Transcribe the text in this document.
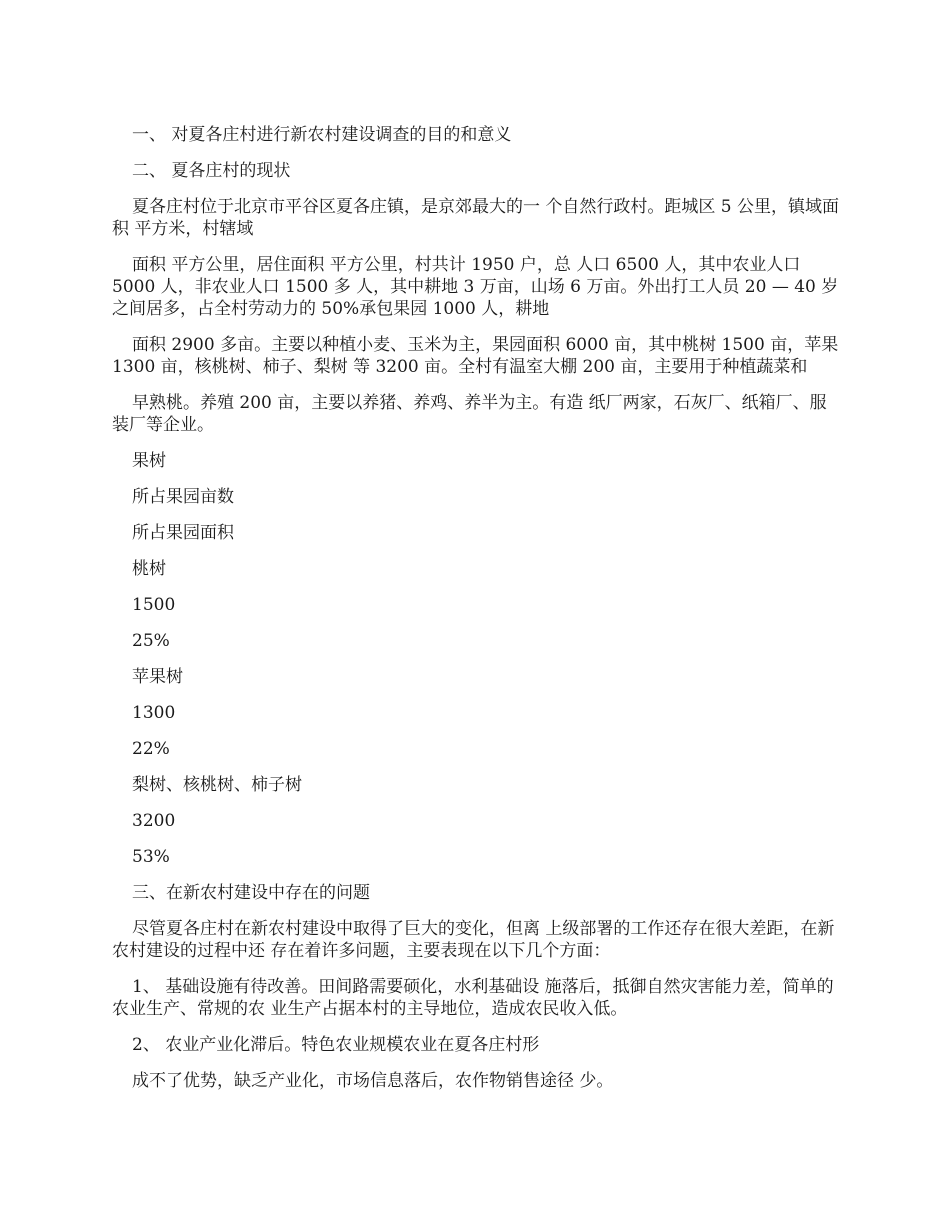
一、 对夏各庄村进行新农村建设调查的目的和意义

二、 夏各庄村的现状

夏各庄村位于北京市平谷区夏各庄镇，是京郊最大的一 个自然行政村。距城区 5 公里，镇域面积 平方米，村辖域

面积 平方公里，居住面积 平方公里，村共计 1950 户，总 人口 6500 人，其中农业人口 5000 人，非农业人口 1500 多 人，其中耕地 3 万亩，山场 6 万亩。外出打工人员 20 — 40 岁之间居多，占全村劳动力的 50%承包果园 1000 人，耕地

面积 2900 多亩。主要以种植小麦、玉米为主，果园面积 6000 亩，其中桃树 1500 亩，苹果 1300 亩，核桃树、柿子、梨树 等 3200 亩。全村有温室大棚 200 亩，主要用于种植蔬菜和

早熟桃。养殖 200 亩，主要以养猪、养鸡、养半为主。有造 纸厂两家，石灰厂、纸箱厂、服装厂等企业。

果树

所占果园亩数

所占果园面积

桃树

1500

25%

苹果树

1300

22%

梨树、核桃树、柿子树

3200

53%

三、在新农村建设中存在的问题

尽管夏各庄村在新农村建设中取得了巨大的变化，但离 上级部署的工作还存在很大差距，在新农村建设的过程中还 存在着许多问题，主要表现在以下几个方面：

1、 基础设施有待改善。田间路需要硕化，水利基础设 施落后，抵御自然灾害能力差，简单的农业生产、常规的农 业生产占据本村的主导地位，造成农民收入低。

2、 农业产业化滞后。特色农业规模农业在夏各庄村形

成不了优势，缺乏产业化，市场信息落后，农作物销售途径 少。
